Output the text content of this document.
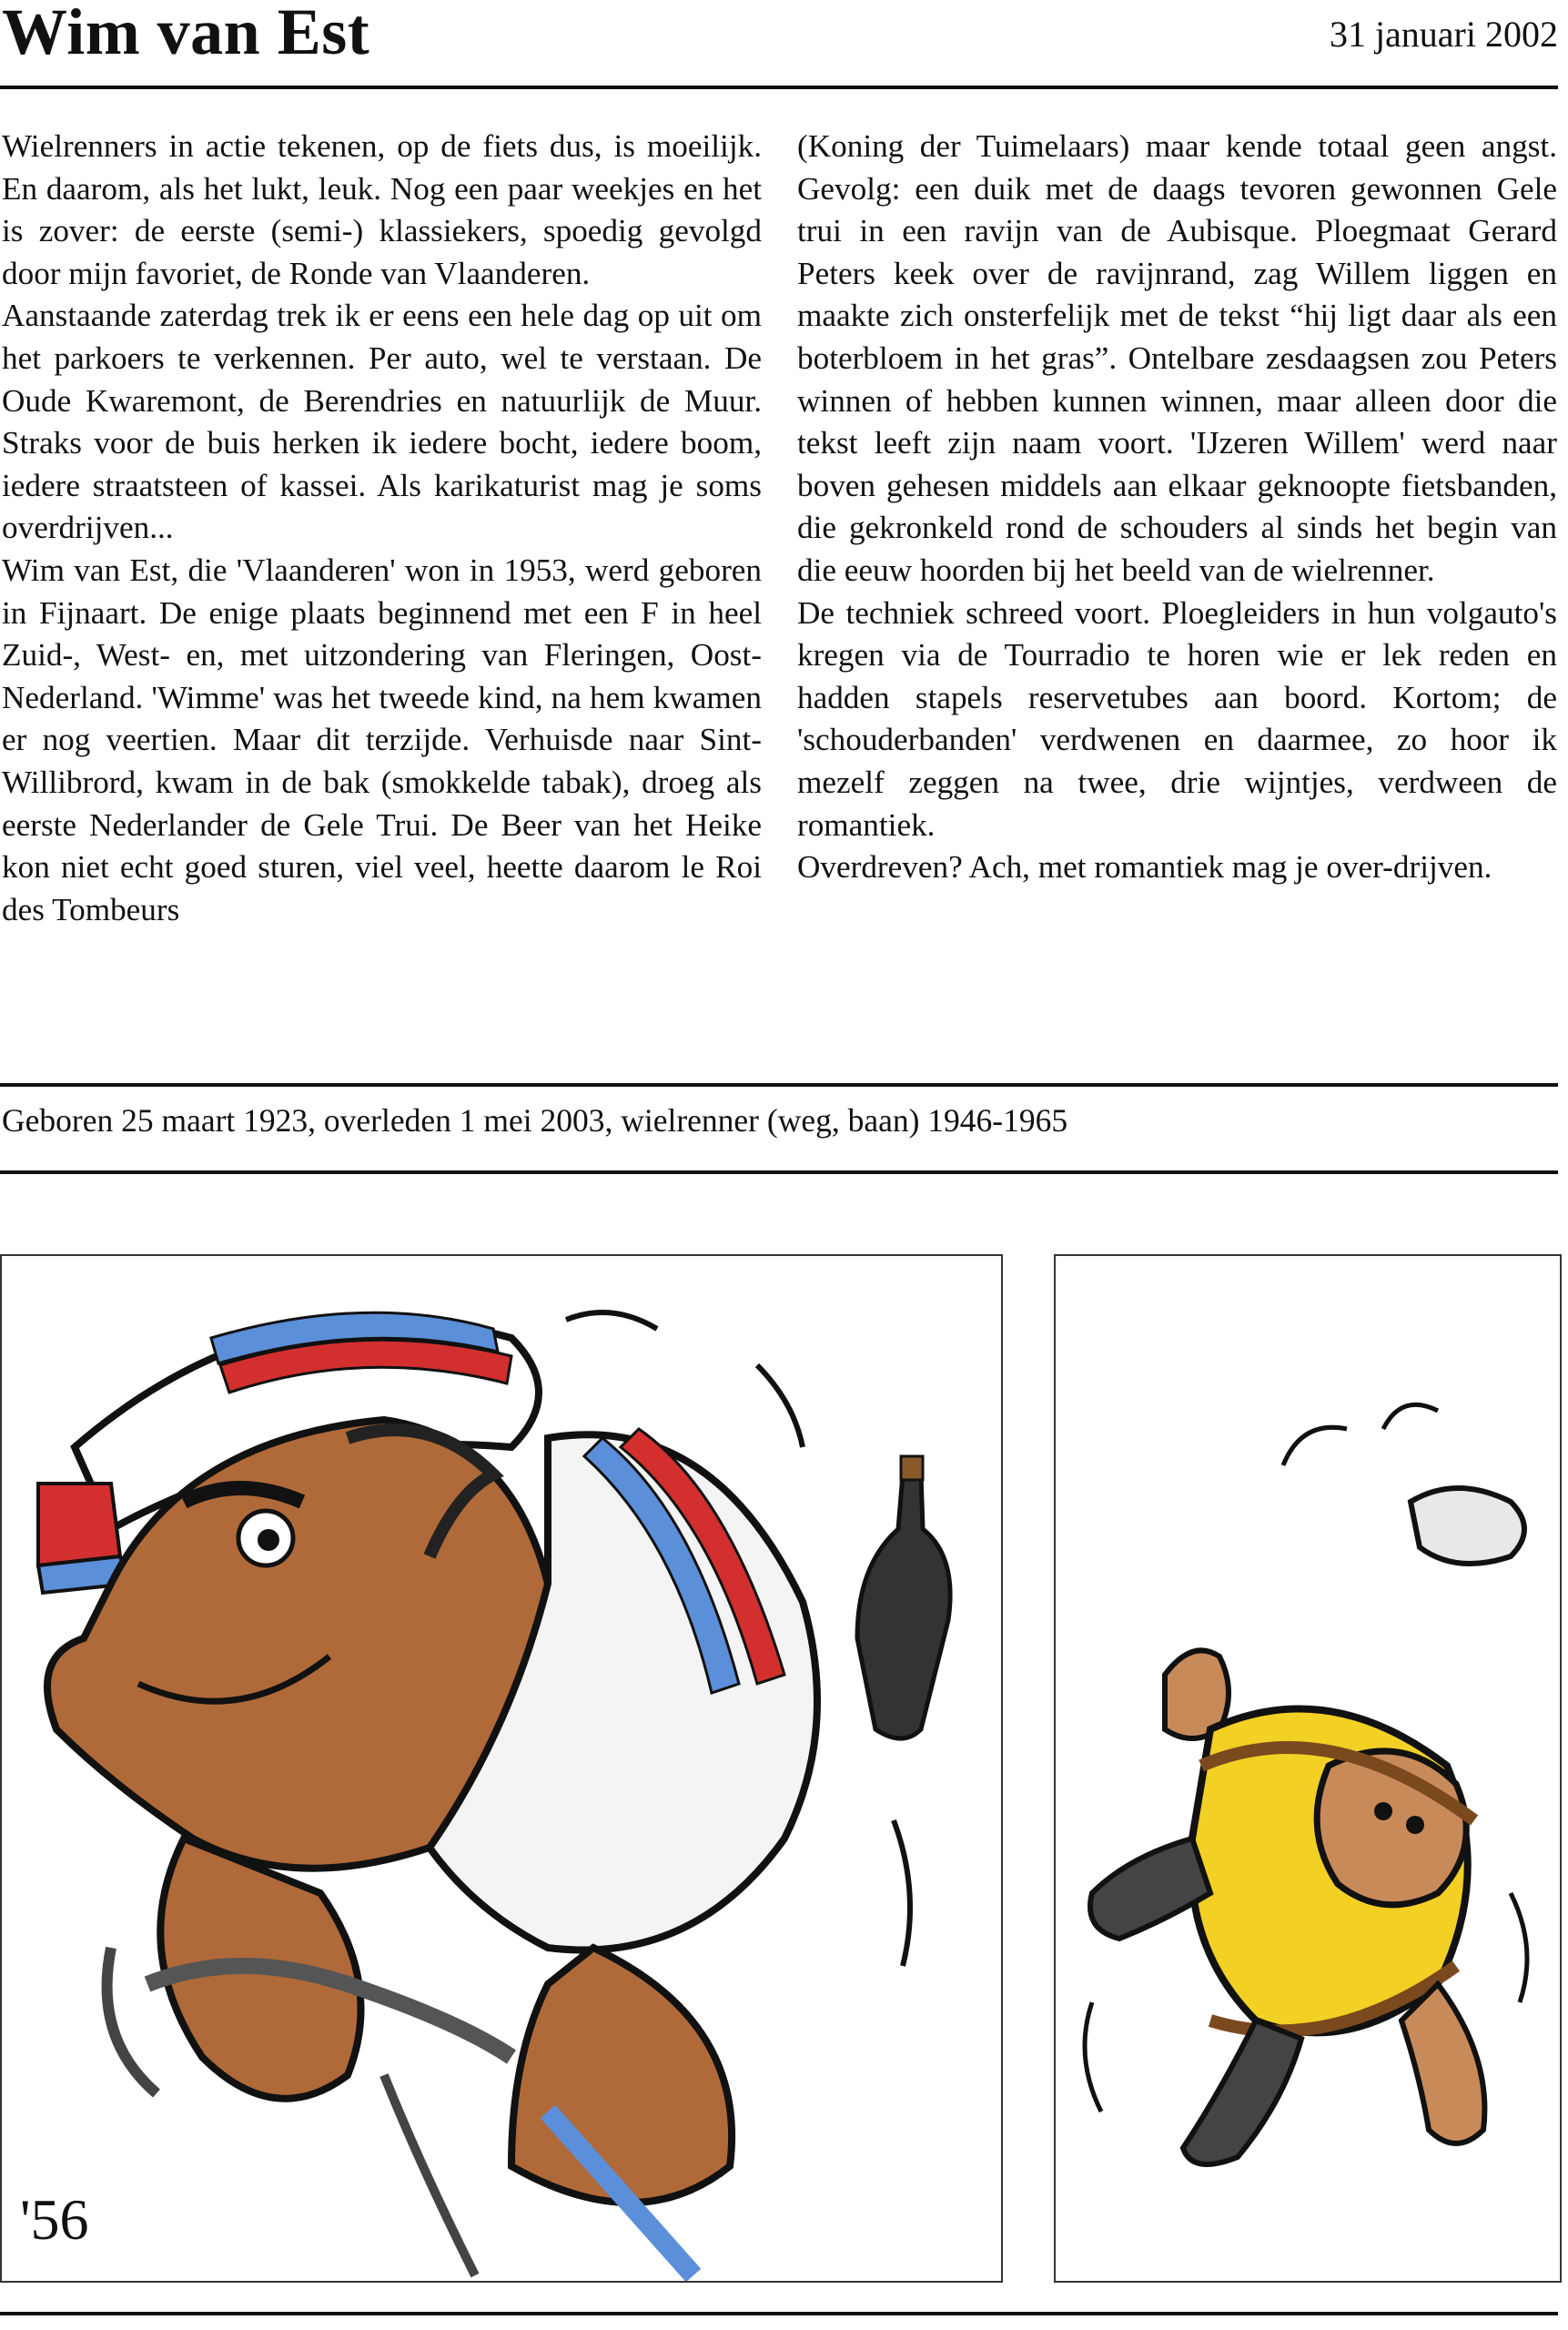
Wim van Est	31 januari 2002

Wielrenners in actie tekenen, op de fiets dus, is moeilijk. En daarom, als het lukt, leuk. Nog een paar weekjes en het is zover: de eerste (semi-) klassiekers, spoedig gevolgd door mijn favoriet, de Ronde van Vlaanderen.

Aanstaande zaterdag trek ik er eens een hele dag op uit om het parkoers te verkennen. Per auto, wel te verstaan. De Oude Kwaremont, de Berendries en natuurlijk de Muur. Straks voor de buis herken ik iedere bocht, iedere boom, iedere straatsteen of kassei. Als karikaturist mag je soms overdrijven...

Wim van Est, die 'Vlaanderen' won in 1953, werd geboren in Fijnaart. De enige plaats beginnend met een F in heel Zuid-, West- en, met uitzondering van Fleringen, Oost-Nederland. 'Wimme' was het tweede kind, na hem kwamen er nog veertien. Maar dit terzijde. Verhuisde naar Sint-Willibrord, kwam in de bak (smokkelde tabak), droeg als eerste Nederlander de Gele Trui. De Beer van het Heike kon niet echt goed sturen, viel veel, heette daarom le Roi des Tombeurs

(Koning der Tuimelaars) maar kende totaal geen angst. Gevolg: een duik met de daags tevoren gewonnen Gele trui in een ravijn van de Aubisque. Ploegmaat Gerard Peters keek over de ravijnrand, zag Willem liggen en maakte zich onsterfelijk met de tekst “hij ligt daar als een boterbloem in het gras”. Ontelbare zesdaagsen zou Peters winnen of hebben kunnen winnen, maar alleen door die tekst leeft zijn naam voort. 'IJzeren Willem' werd naar boven gehesen middels aan elkaar geknoopte fietsbanden, die gekronkeld rond de schouders al sinds het begin van die eeuw hoorden bij het beeld van de wielrenner.

De techniek schreed voort. Ploegleiders in hun volgauto's kregen via de Tourradio te horen wie er lek reden en hadden stapels reservetubes aan boord. Kortom; de 'schouderbanden' verdwenen en daarmee, zo hoor ik mezelf zeggen na twee, drie wijntjes, verdween de romantiek.

Overdreven? Ach, met romantiek mag je over-drijven.

Geboren 25 maart 1923, overleden 1 mei 2003, wielrenner (weg, baan) 1946-1965
'56
